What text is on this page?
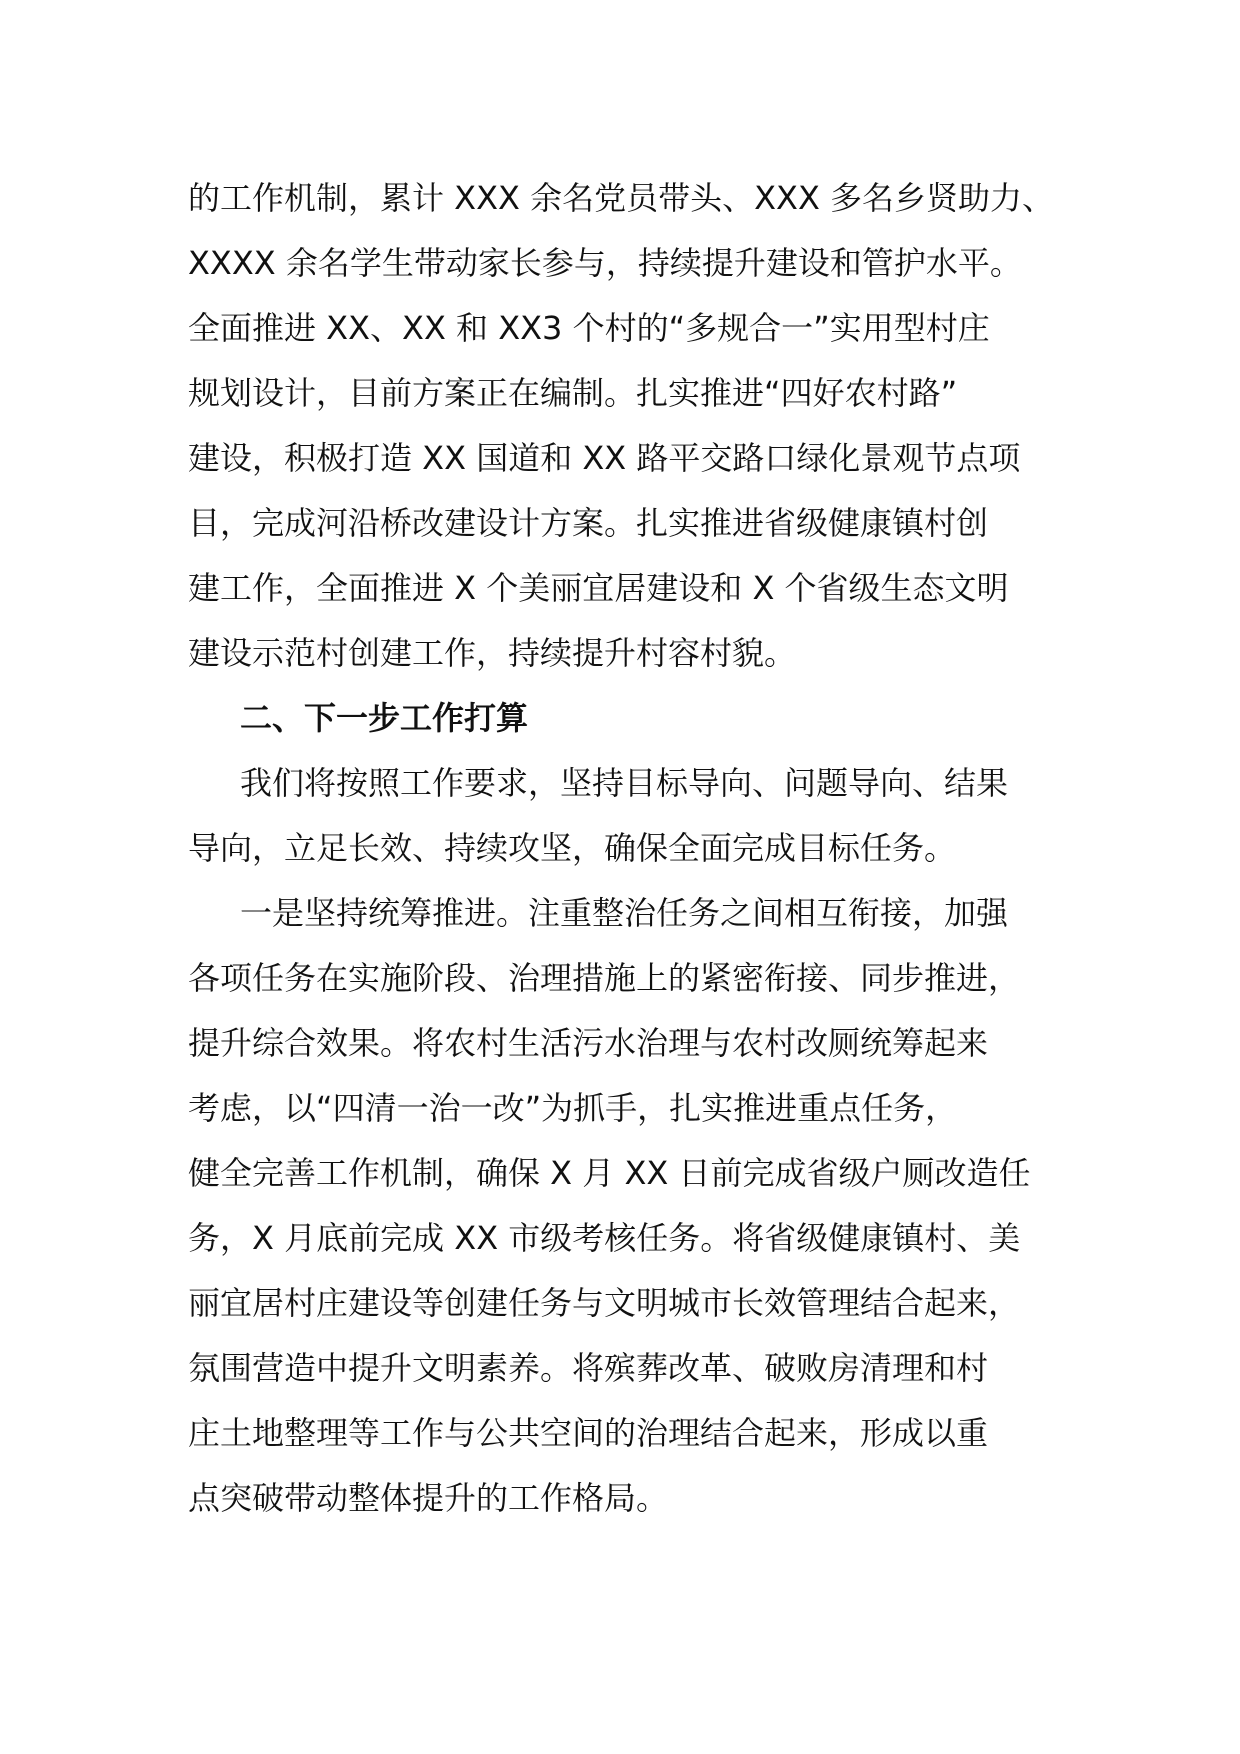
的工作机制，累计 XXX 余名党员带头、XXX 多名乡贤助力、
XXXX 余名学生带动家长参与，持续提升建设和管护水平。
全面推进 XX、XX 和 XX3 个村的“多规合一”实用型村庄
规划设计，目前方案正在编制。扎实推进“四好农村路”
建设，积极打造 XX 国道和 XX 路平交路口绿化景观节点项
目，完成河沿桥改建设计方案。扎实推进省级健康镇村创
建工作，全面推进 X 个美丽宜居建设和 X 个省级生态文明
建设示范村创建工作，持续提升村容村貌。
二、下一步工作打算
我们将按照工作要求，坚持目标导向、问题导向、结果
导向，立足长效、持续攻坚，确保全面完成目标任务。
一是坚持统筹推进。注重整治任务之间相互衔接，加强
各项任务在实施阶段、治理措施上的紧密衔接、同步推进，
提升综合效果。将农村生活污水治理与农村改厕统筹起来
考虑，以“四清一治一改”为抓手，扎实推进重点任务，
健全完善工作机制，确保 X 月 XX 日前完成省级户厕改造任
务，X 月底前完成 XX 市级考核任务。将省级健康镇村、美
丽宜居村庄建设等创建任务与文明城市长效管理结合起来，
氛围营造中提升文明素养。将殡葬改革、破败房清理和村
庄土地整理等工作与公共空间的治理结合起来，形成以重
点突破带动整体提升的工作格局。
